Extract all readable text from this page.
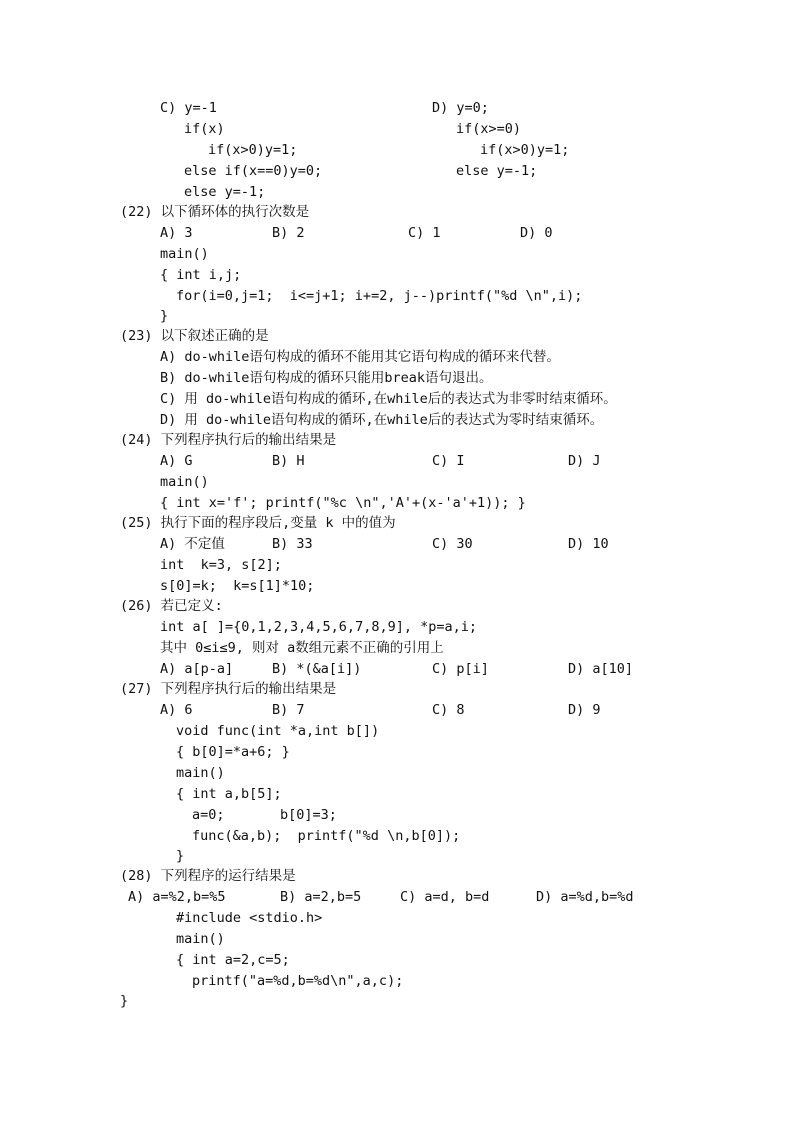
C) y=-1	D) y=0;
if(x)	if(x>=0)
if(x>0)y=1;	if(x>0)y=1;
else if(x==0)y=0;	else y=-1;
else y=-1;
(22) 以下循环体的执行次数是
A) 3	B) 2	C) 1	D) 0
main()
{ int i,j;
for(i=0,j=1;  i<=j+1; i+=2, j--)printf("%d \n",i);
}
(23) 以下叙述正确的是
A) do-while语句构成的循环不能用其它语句构成的循环来代替。
B) do-while语句构成的循环只能用break语句退出。
C) 用 do-while语句构成的循环,在while后的表达式为非零时结束循环。
D) 用 do-while语句构成的循环,在while后的表达式为零时结束循环。
(24) 下列程序执行后的输出结果是
A) G	B) H	C) I	D) J
main()
{ int x='f'; printf("%c \n",'A'+(x-'a'+1)); }
(25) 执行下面的程序段后,变量 k 中的值为
A) 不定值	B) 33	C) 30	D) 10
int  k=3, s[2];
s[0]=k;  k=s[1]*10;
(26) 若已定义:
int a[ ]={0,1,2,3,4,5,6,7,8,9], *p=a,i;
其中 0≤i≤9, 则对 a数组元素不正确的引用上
A) a[p-a]	B) *(&a[i])	C) p[i]	D) a[10]
(27) 下列程序执行后的输出结果是
A) 6	B) 7	C) 8	D) 9
void func(int *a,int b[])
{ b[0]=*a+6; }
main()
{ int a,b[5];
a=0;	b[0]=3;
func(&a,b);  printf("%d \n,b[0]);
}
(28) 下列程序的运行结果是
A) a=%2,b=%5	B) a=2,b=5	C) a=d, b=d	D) a=%d,b=%d
#include <stdio.h>
main()
{ int a=2,c=5;
printf("a=%d,b=%d\n",a,c);
}
